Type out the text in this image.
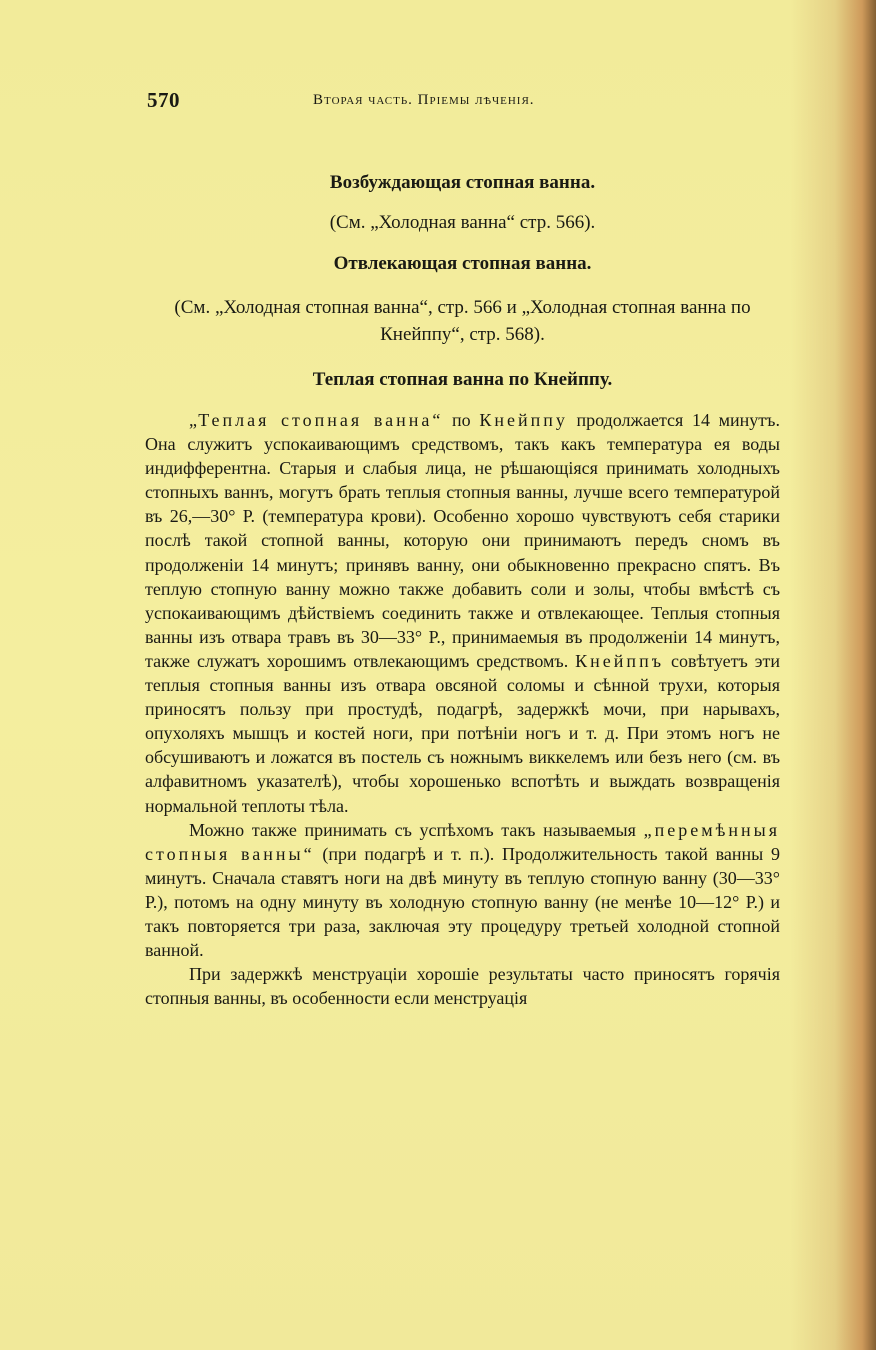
570	Вторая часть. Пріемы лѣченія.

Возбуждающая стопная ванна.

(См. „Холодная ванна“ стр. 566).

Отвлекающая стопная ванна.

(См. „Холодная стопная ванна“, стр. 566 и „Холодная стопная ванна по Кнейппу“, стр. 568).

Теплая стопная ванна по Кнейппу.

„Теплая стопная ванна“ по Кнейппу продолжается 14 минутъ. Она служитъ успокаивающимъ средствомъ, такъ какъ температура ея воды индифферентна. Старыя и слабыя лица, не рѣшающіяся принимать холодныхъ стопныхъ ваннъ, могутъ брать теплыя стопныя ванны, лучше всего температурой въ 26,—30° Р. (температура крови). Особенно хорошо чувствуютъ себя старики послѣ такой стопной ванны, которую они принимаютъ передъ сномъ въ продолженіи 14 минутъ; принявъ ванну, они обыкновенно прекрасно спятъ. Въ теплую стопную ванну можно также добавить соли и золы, чтобы вмѣстѣ съ успокаивающимъ дѣйствіемъ соединить также и отвлекающее. Теплыя стопныя ванны изъ отвара травъ въ 30—33° Р., принимаемыя въ продолженіи 14 минутъ, также служатъ хорошимъ отвлекающимъ средствомъ. Кнейппъ совѣтуетъ эти теплыя стопныя ванны изъ отвара овсяной соломы и сѣнной трухи, которыя приносятъ пользу при простудѣ, подагрѣ, задержкѣ мочи, при нарывахъ, опухоляхъ мышцъ и костей ноги, при потѣніи ногъ и т. д. При этомъ ногъ не обсушиваютъ и ложатся въ постель съ ножнымъ виккелемъ или безъ него (см. въ алфавитномъ указателѣ), чтобы хорошенько вспотѣть и выждать возвращенія нормальной теплоты тѣла.

Можно также принимать съ успѣхомъ такъ называемыя „перемѣнныя стопныя ванны“ (при подагрѣ и т. п.). Продолжительность такой ванны 9 минутъ. Сначала ставятъ ноги на двѣ минуту въ теплую стопную ванну (30—33° Р.), потомъ на одну минуту въ холодную стопную ванну (не менѣе 10—12° Р.) и такъ повторяется три раза, заключая эту процедуру третьей холодной стопной ванной.

При задержкѣ менструаціи хорошіе результаты часто приносятъ горячія стопныя ванны, въ особенности если менструація
